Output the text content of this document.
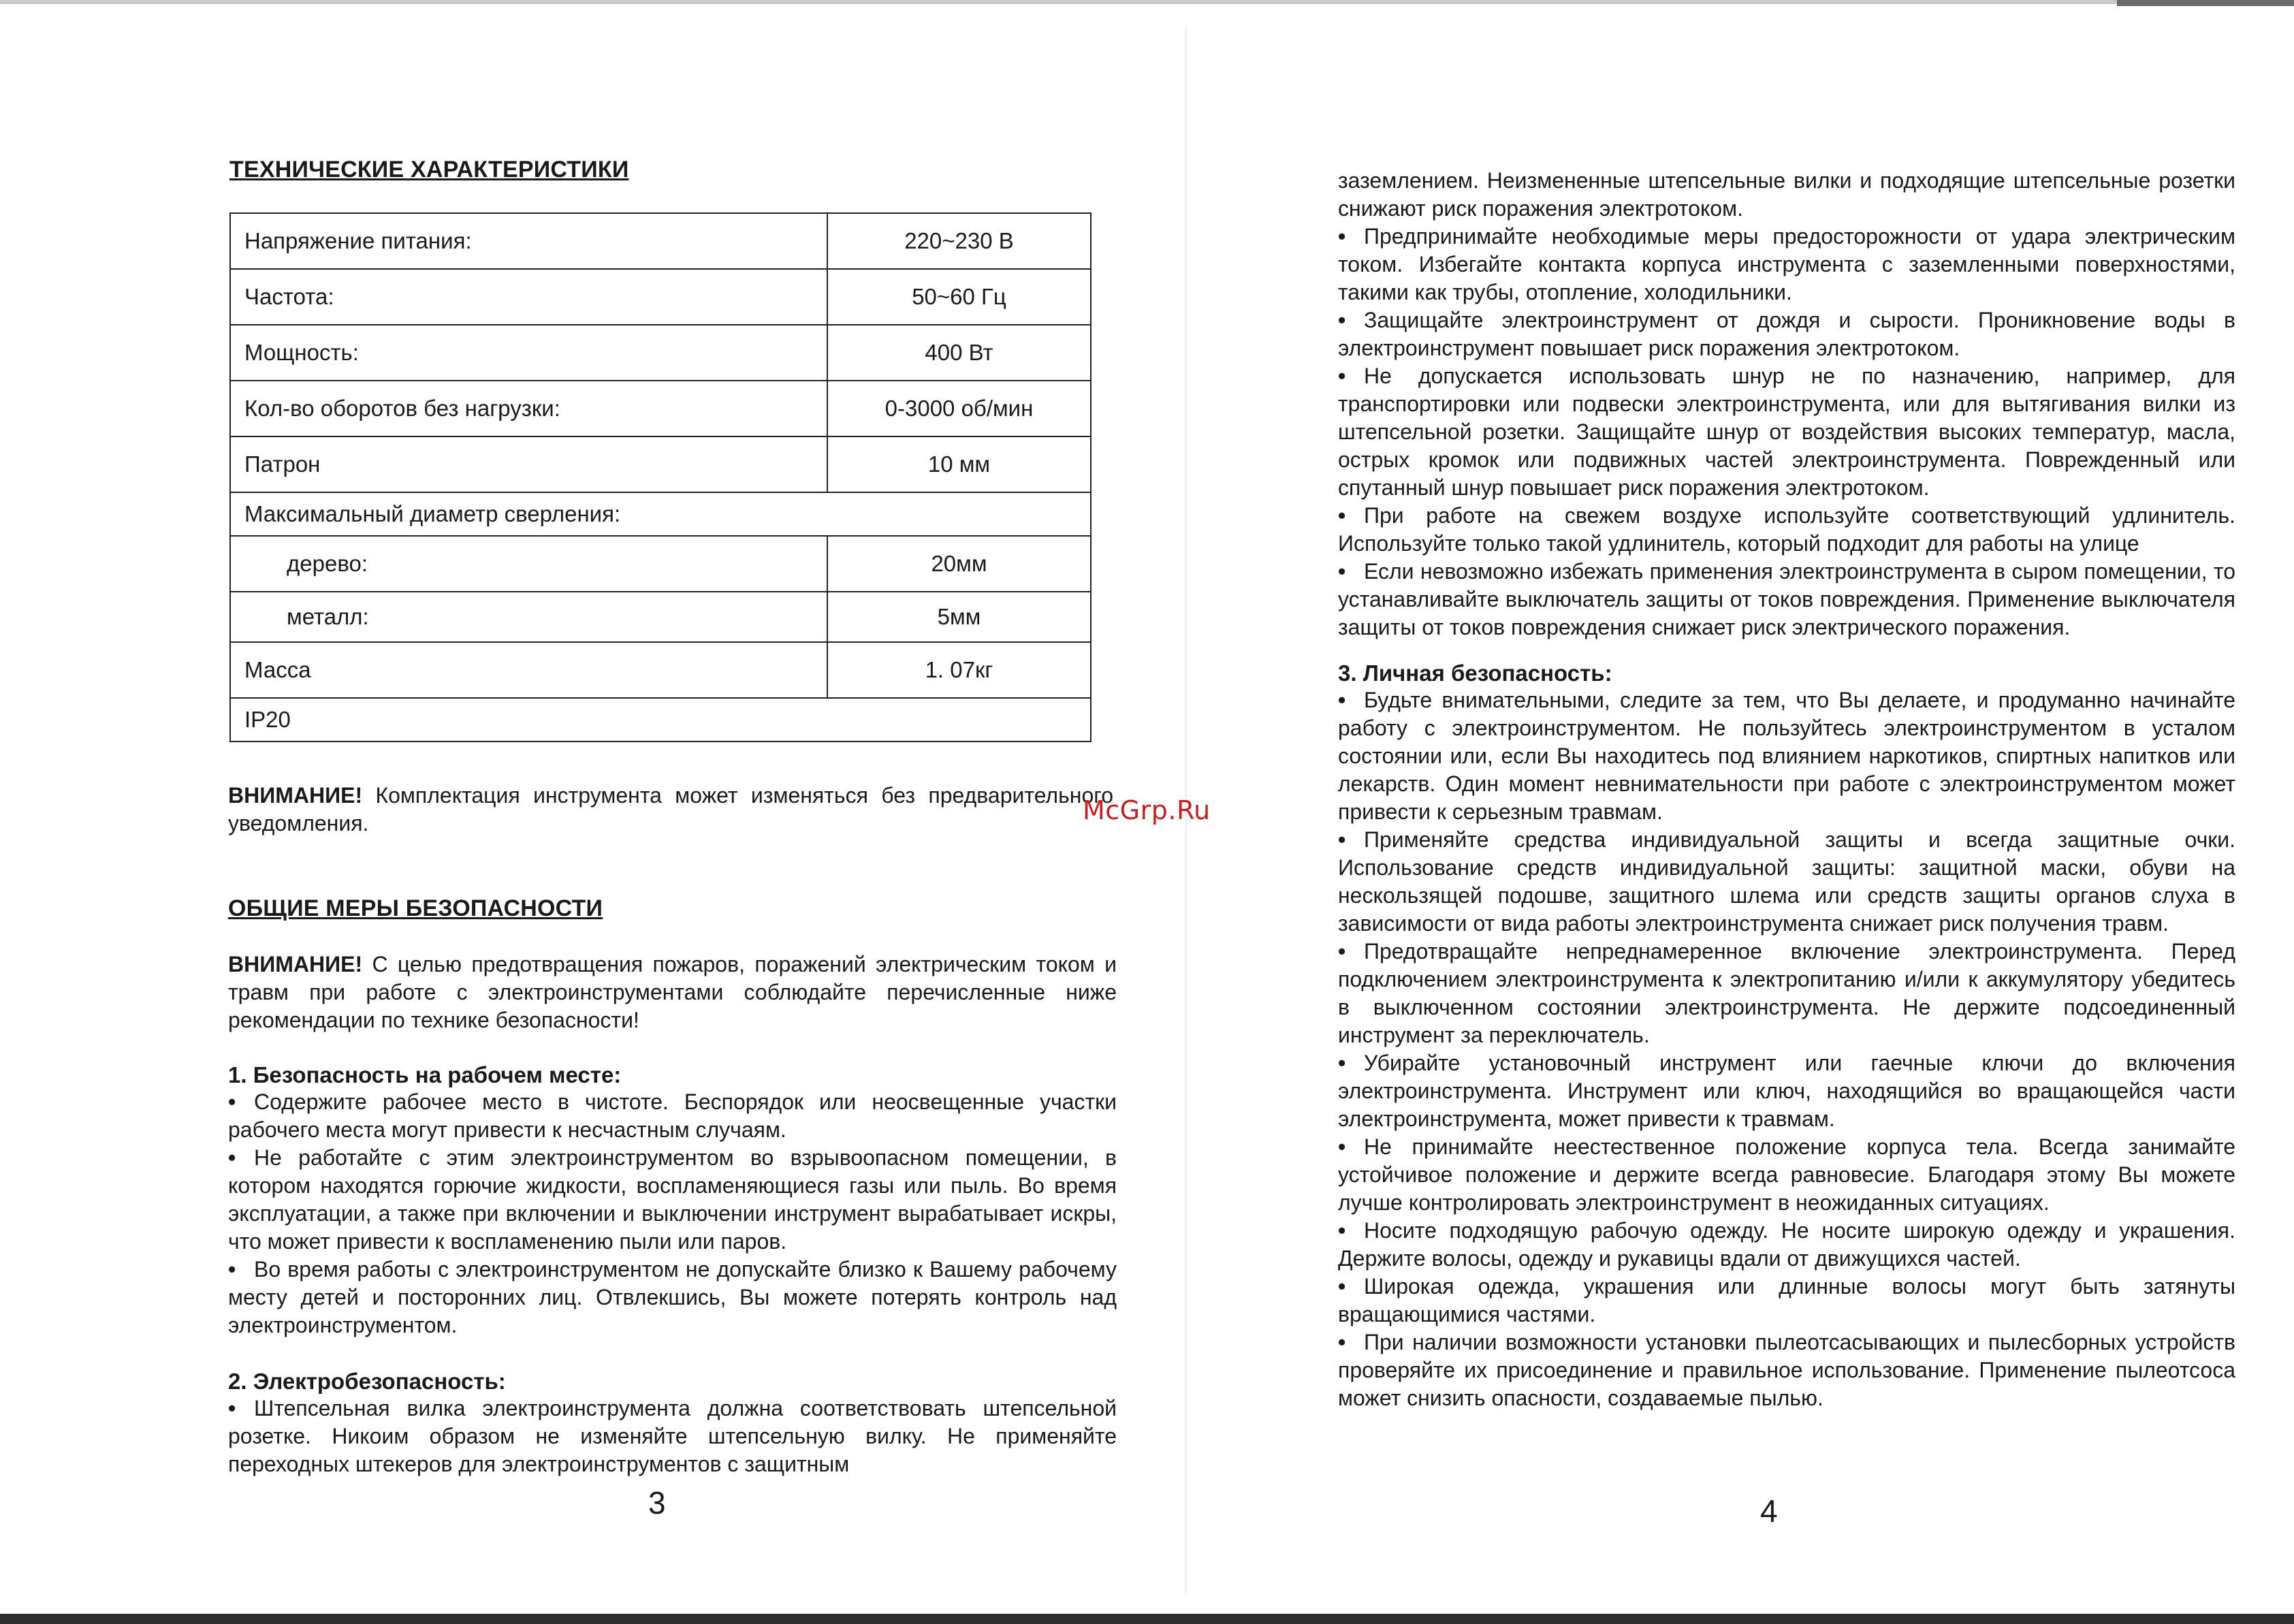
ТЕХНИЧЕСКИЕ ХАРАКТЕРИСТИКИ
Напряжение питания:	220~230 В
Частота:	50~60 Гц
Мощность:	400 Вт
Кол-во оборотов без нагрузки:	0-3000 об/мин
Патрон	10 мм
Максимальный диаметр сверления:	
дерево:	20мм
металл:	5мм
Масса	1. 07кг
IP20	

ВНИМАНИЕ! Комплектация инструмента может изменяться без предварительного уведомления.

ОБЩИЕ МЕРЫ БЕЗОПАСНОСТИ

ВНИМАНИЕ! С целью предотвращения пожаров, поражений электрическим током и травм при работе с электроинструментами соблюдайте перечисленные ниже рекомендации по технике безопасности!

1. Безопасность на рабочем месте:

• Содержите рабочее место в чистоте. Беспорядок или неосвещенные участки рабочего места могут привести к несчастным случаям.

• Не работайте с этим электроинструментом во взрывоопасном помещении, в котором находятся горючие жидкости, воспламеняющиеся газы или пыль. Во время эксплуатации, а также при включении и выключении инструмент вырабатывает искры, что может привести к воспламенению пыли или паров.

• Во время работы с электроинструментом не допускайте близко к Вашему рабочему месту детей и посторонних лиц. Отвлекшись, Вы можете потерять контроль над электроинструментом.

2. Электробезопасность:

• Штепсельная вилка электроинструмента должна соответствовать штепсельной розетке. Никоим образом не изменяйте штепсельную вилку. Не применяйте переходных штекеров для электроинструментов с защитным

3
McGrp.Ru

заземлением. Неизмененные штепсельные вилки и подходящие штепсельные розетки снижают риск поражения электротоком.

• Предпринимайте необходимые меры предосторожности от удара электрическим током. Избегайте контакта корпуса инструмента с заземленными поверхностями, такими как трубы, отопление, холодильники.

• Защищайте электроинструмент от дождя и сырости. Проникновение воды в электроинструмент повышает риск поражения электротоком.

• Не допускается использовать шнур не по назначению, например, для транспортировки или подвески электроинструмента, или для вытягивания вилки из штепсельной розетки. Защищайте шнур от воздействия высоких температур, масла, острых кромок или подвижных частей электроинструмента. Поврежденный или спутанный шнур повышает риск поражения электротоком.

• При работе на свежем воздухе используйте соответствующий удлинитель. Используйте только такой удлинитель, который подходит для работы на улице

• Если невозможно избежать применения электроинструмента в сыром помещении, то устанавливайте выключатель защиты от токов повреждения. Применение выключателя защиты от токов повреждения снижает риск электрического поражения.

3. Личная безопасность:

• Будьте внимательными, следите за тем, что Вы делаете, и продуманно начинайте работу с электроинструментом. Не пользуйтесь электроинструментом в усталом состоянии или, если Вы находитесь под влиянием наркотиков, спиртных напитков или лекарств. Один момент невнимательности при работе с электроинструментом может привести к серьезным травмам.

• Применяйте средства индивидуальной защиты и всегда защитные очки. Использование средств индивидуальной защиты: защитной маски, обуви на нескользящей подошве, защитного шлема или средств защиты органов слуха в зависимости от вида работы электроинструмента снижает риск получения травм.

• Предотвращайте непреднамеренное включение электроинструмента. Перед подключением электроинструмента к электропитанию и/или к аккумулятору убедитесь в выключенном состоянии электроинструмента. Не держите подсоединенный инструмент за переключатель.

• Убирайте установочный инструмент или гаечные ключи до включения электроинструмента. Инструмент или ключ, находящийся во вращающейся части электроинструмента, может привести к травмам.

• Не принимайте неестественное положение корпуса тела. Всегда занимайте устойчивое положение и держите всегда равновесие. Благодаря этому Вы можете лучше контролировать электроинструмент в неожиданных ситуациях.

• Носите подходящую рабочую одежду. Не носите широкую одежду и украшения. Держите волосы, одежду и рукавицы вдали от движущихся частей.

• Широкая одежда, украшения или длинные волосы могут быть затянуты вращающимися частями.

• При наличии возможности установки пылеотсасывающих и пылесборных устройств проверяйте их присоединение и правильное использование. Применение пылеотсоса может снизить опасности, создаваемые пылью.

4
